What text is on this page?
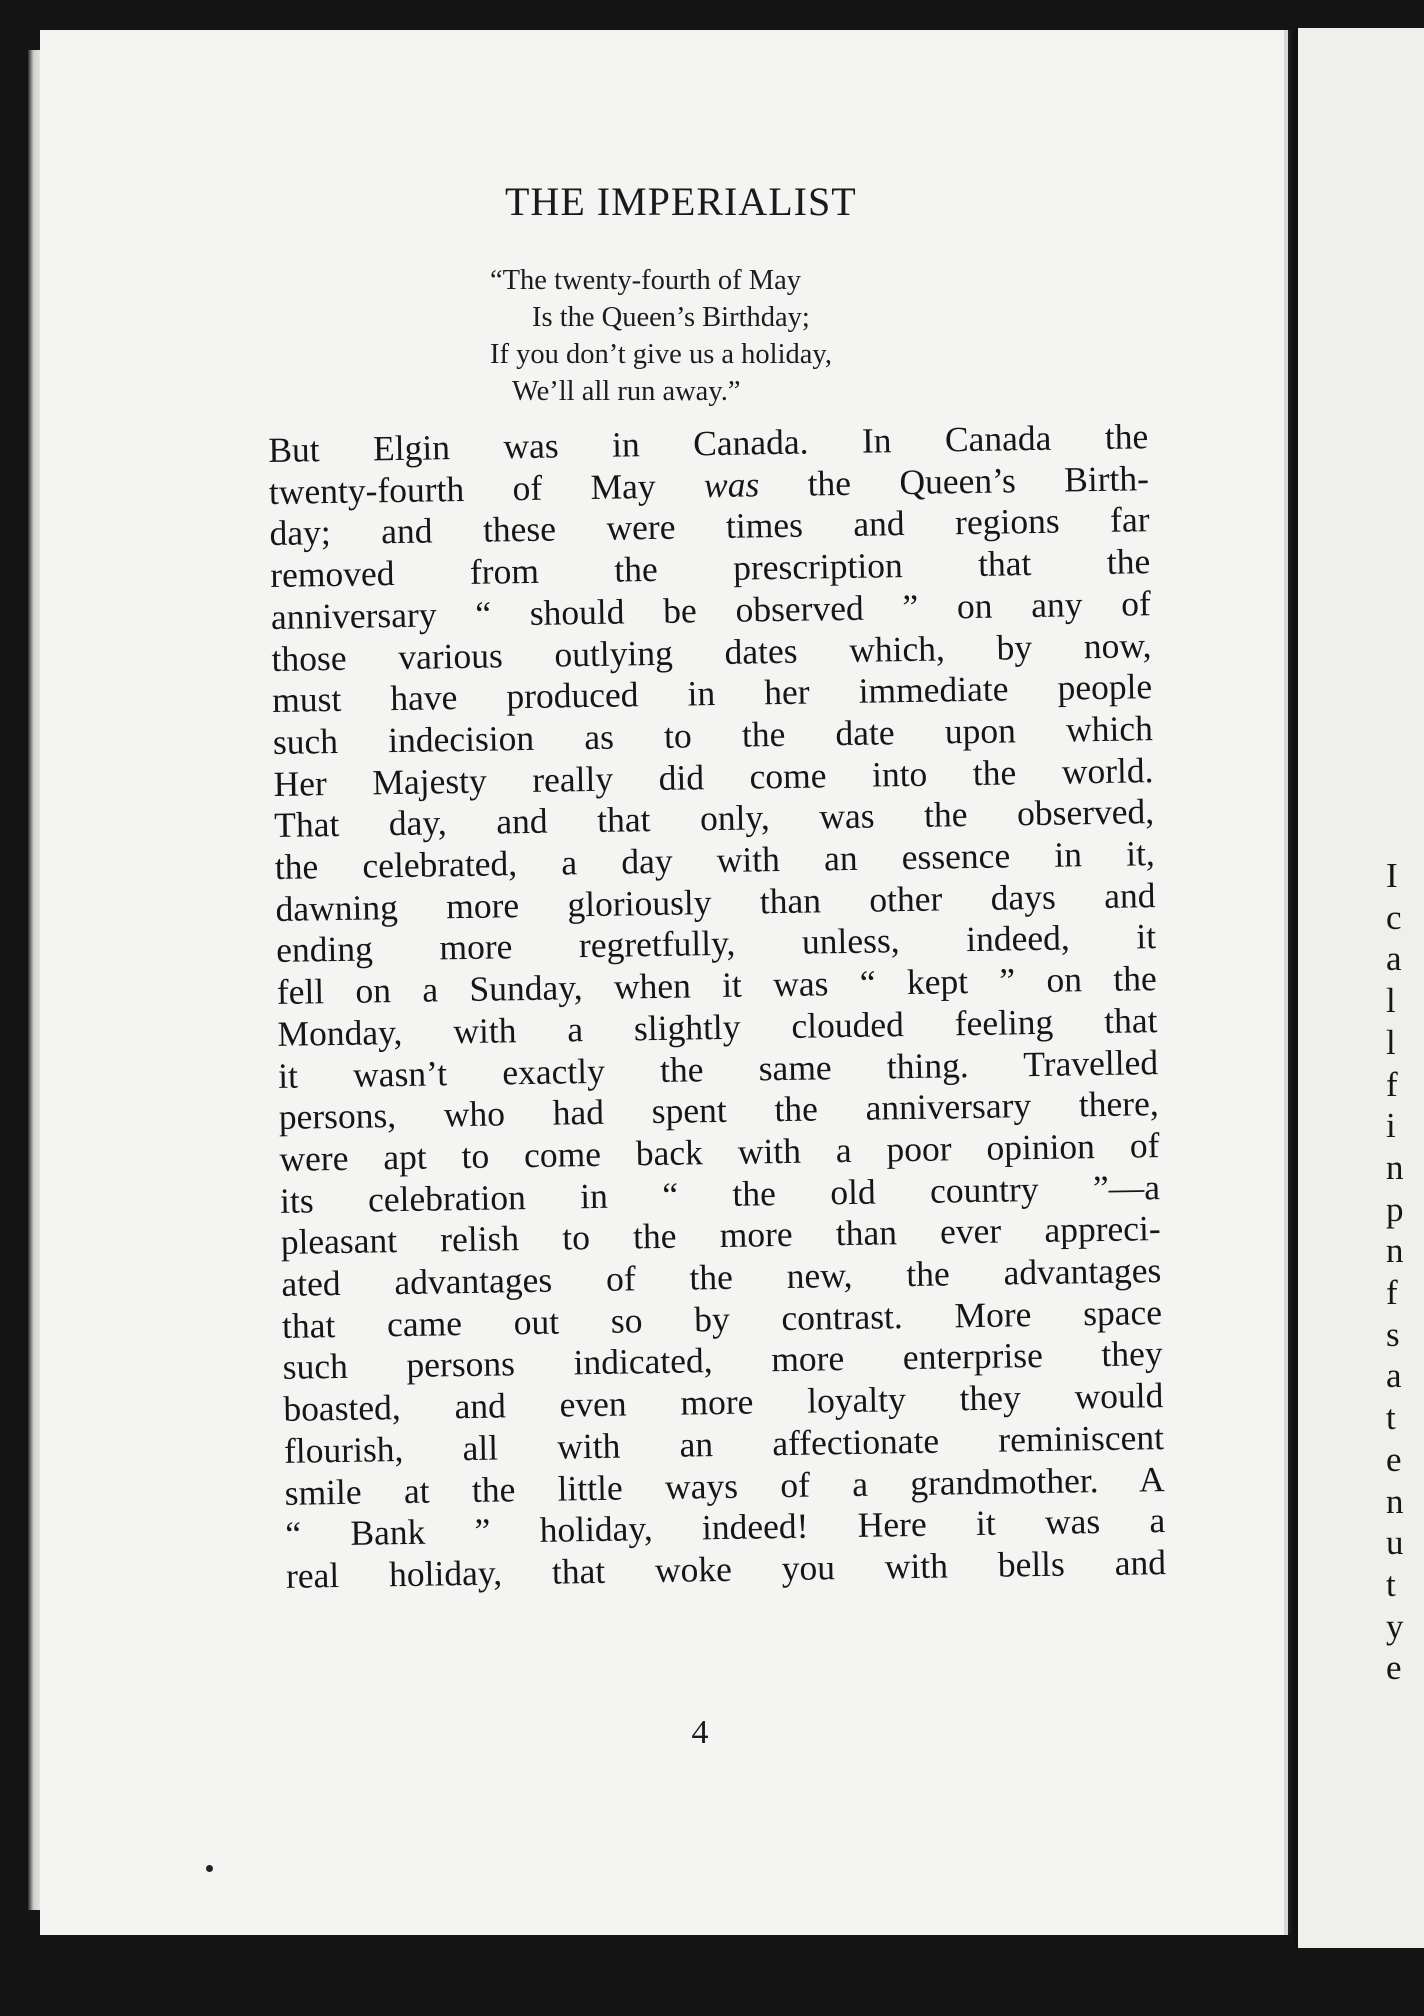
THE IMPERIALIST
“The twenty-fourth of May
Is the Queen’s Birthday;
If you don’t give us a holiday,
We’ll all run away.”
But Elgin was in Canada. In Canada the
twenty-fourth of May was the Queen’s Birth-
day; and these were times and regions far
removed from the prescription that the
anniversary “ should be observed ” on any of
those various outlying dates which, by now,
must have produced in her immediate people
such indecision as to the date upon which
Her Majesty really did come into the world.
That day, and that only, was the observed,
the celebrated, a day with an essence in it,
dawning more gloriously than other days and
ending more regretfully, unless, indeed, it
fell on a Sunday, when it was “ kept ” on the
Monday, with a slightly clouded feeling that
it wasn’t exactly the same thing. Travelled
persons, who had spent the anniversary there,
were apt to come back with a poor opinion of
its celebration in “ the old country ”—a
pleasant relish to the more than ever appreci-
ated advantages of the new, the advantages
that came out so by contrast. More space
such persons indicated, more enterprise they
boasted, and even more loyalty they would
flourish, all with an affectionate reminiscent
smile at the little ways of a grandmother. A
“ Bank ” holiday, indeed! Here it was a
real holiday, that woke you with bells and
4
I
c
a
l
l
f
i
n
p
n
f
s
a
t
e
n
u
t
y
e
